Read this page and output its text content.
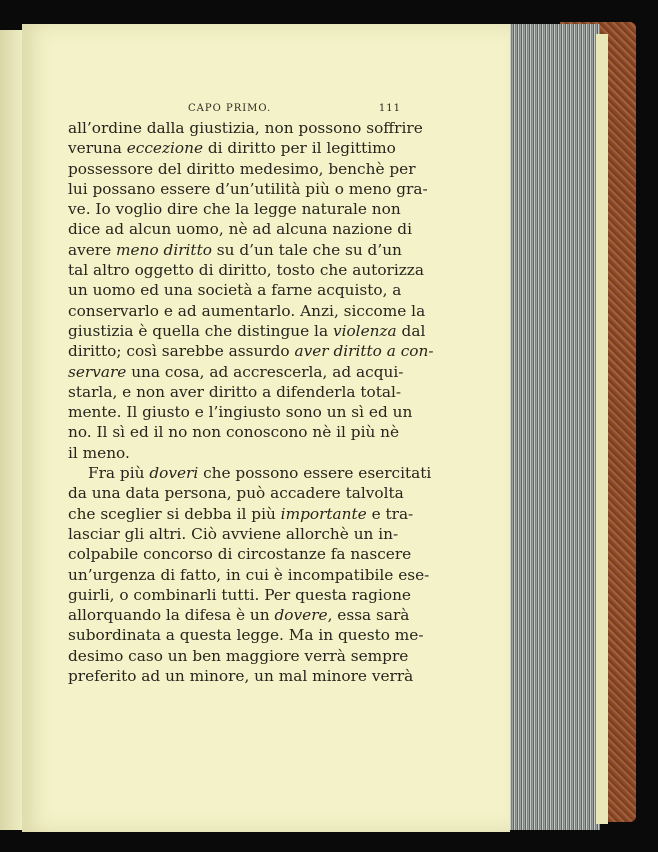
CAPO PRIMO.	111
all’ordine dalla giustizia, non possono soffrire
veruna eccezione di diritto per il legittimo
possessore del diritto medesimo, benchè per
lui possano essere d’un’utilità più o meno gra-
ve. Io voglio dire che la legge naturale non
dice ad alcun uomo, nè ad alcuna nazione di
avere meno diritto su d’un tale che su d’un
tal altro oggetto di diritto, tosto che autorizza
un uomo ed una società a farne acquisto, a
conservarlo e ad aumentarlo. Anzi, siccome la
giustizia è quella che distingue la violenza dal
diritto; così sarebbe assurdo aver diritto a con-
servare una cosa, ad accrescerla, ad acqui-
starla, e non aver diritto a difenderla total-
mente. Il giusto e l’ingiusto sono un sì ed un
no. Il sì ed il no non conoscono nè il più nè
il meno.
Fra più doveri che possono essere esercitati
da una data persona, può accadere talvolta
che sceglier si debba il più importante e tra-
lasciar gli altri. Ciò avviene allorchè un in-
colpabile concorso di circostanze fa nascere
un’urgenza di fatto, in cui è incompatibile ese-
guirli, o combinarli tutti. Per questa ragione
allorquando la difesa è un dovere, essa sarà
subordinata a questa legge. Ma in questo me-
desimo caso un ben maggiore verrà sempre
preferito ad un minore, un mal minore verrà
